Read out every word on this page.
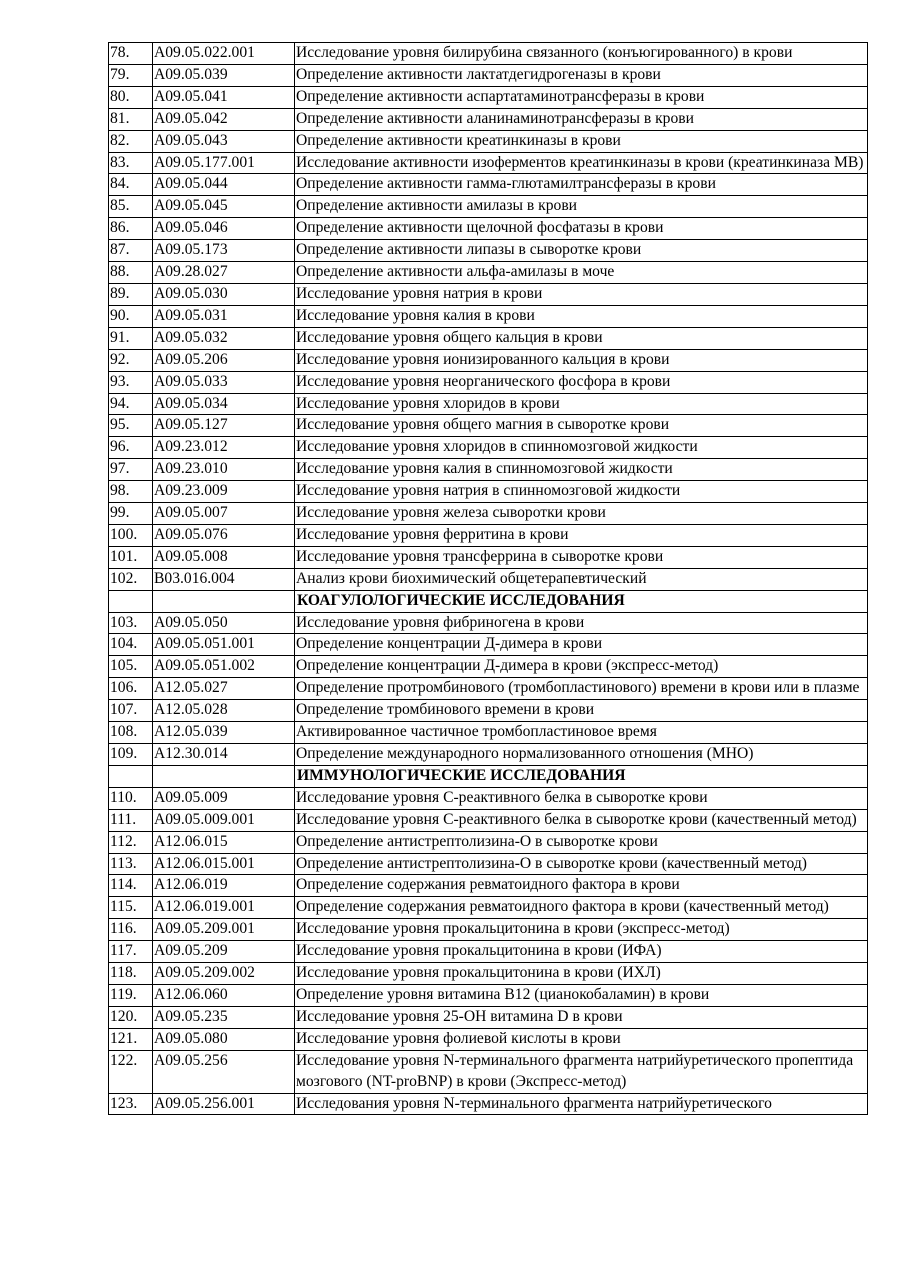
78.	A09.05.022.001	Исследование уровня билирубина связанного (конъюгированного) в крови
79.	A09.05.039	Определение активности лактатдегидрогеназы в крови
80.	A09.05.041	Определение активности аспартатаминотрансферазы в крови
81.	A09.05.042	Определение активности аланинаминотрансферазы в крови
82.	A09.05.043	Определение активности креатинкиназы в крови
83.	A09.05.177.001	Исследование активности изоферментов креатинкиназы в крови (креатинкиназа MB)
84.	A09.05.044	Определение активности гамма-глютамилтрансферазы в крови
85.	A09.05.045	Определение активности амилазы в крови
86.	A09.05.046	Определение активности щелочной фосфатазы в крови
87.	A09.05.173	Определение активности липазы в сыворотке крови
88.	A09.28.027	Определение активности альфа-амилазы в моче
89.	A09.05.030	Исследование уровня натрия в крови
90.	A09.05.031	Исследование уровня калия в крови
91.	A09.05.032	Исследование уровня общего кальция в крови
92.	A09.05.206	Исследование уровня ионизированного кальция в крови
93.	A09.05.033	Исследование уровня неорганического фосфора в крови
94.	A09.05.034	Исследование уровня хлоридов в крови
95.	A09.05.127	Исследование уровня общего магния в сыворотке крови
96.	A09.23.012	Исследование уровня хлоридов в спинномозговой жидкости
97.	A09.23.010	Исследование уровня калия в спинномозговой жидкости
98.	A09.23.009	Исследование уровня натрия в спинномозговой жидкости
99.	A09.05.007	Исследование уровня железа сыворотки крови
100.	A09.05.076	Исследование уровня ферритина в крови
101.	A09.05.008	Исследование уровня трансферрина в сыворотке крови
102.	B03.016.004	Анализ крови биохимический общетерапевтический
		КОАГУЛОЛОГИЧЕСКИЕ ИССЛЕДОВАНИЯ
103.	A09.05.050	Исследование уровня фибриногена в крови
104.	A09.05.051.001	Определение концентрации Д-димера в крови
105.	A09.05.051.002	Определение концентрации Д-димера в крови (экспресс-метод)
106.	A12.05.027	Определение протромбинового (тромбопластинового) времени в крови или в плазме
107.	A12.05.028	Определение тромбинового времени в крови
108.	A12.05.039	Активированное частичное тромбопластиновое время
109.	A12.30.014	Определение международного нормализованного отношения (МНО)
		ИММУНОЛОГИЧЕСКИЕ ИССЛЕДОВАНИЯ
110.	A09.05.009	Исследование уровня С-реактивного белка в сыворотке крови
111.	A09.05.009.001	Исследование уровня С-реактивного белка в сыворотке крови (качественный метод)
112.	A12.06.015	Определение антистрептолизина-О в сыворотке крови
113.	A12.06.015.001	Определение антистрептолизина-О в сыворотке крови (качественный метод)
114.	A12.06.019	Определение содержания ревматоидного фактора в крови
115.	A12.06.019.001	Определение содержания ревматоидного фактора в крови (качественный метод)
116.	A09.05.209.001	Исследование уровня прокальцитонина в крови (экспресс-метод)
117.	A09.05.209	Исследование уровня прокальцитонина в крови (ИФА)
118.	A09.05.209.002	Исследование уровня прокальцитонина в крови (ИХЛ)
119.	A12.06.060	Определение уровня витамина B12 (цианокобаламин) в крови
120.	A09.05.235	Исследование уровня 25-OH витамина D в крови
121.	A09.05.080	Исследование уровня фолиевой кислоты в крови
122.	A09.05.256	Исследование уровня N-терминального фрагмента натрийуретического пропептида мозгового (NT-proBNP) в крови (Экспресс-метод)
123.	A09.05.256.001	Исследования уровня N-терминального фрагмента натрийуретического
